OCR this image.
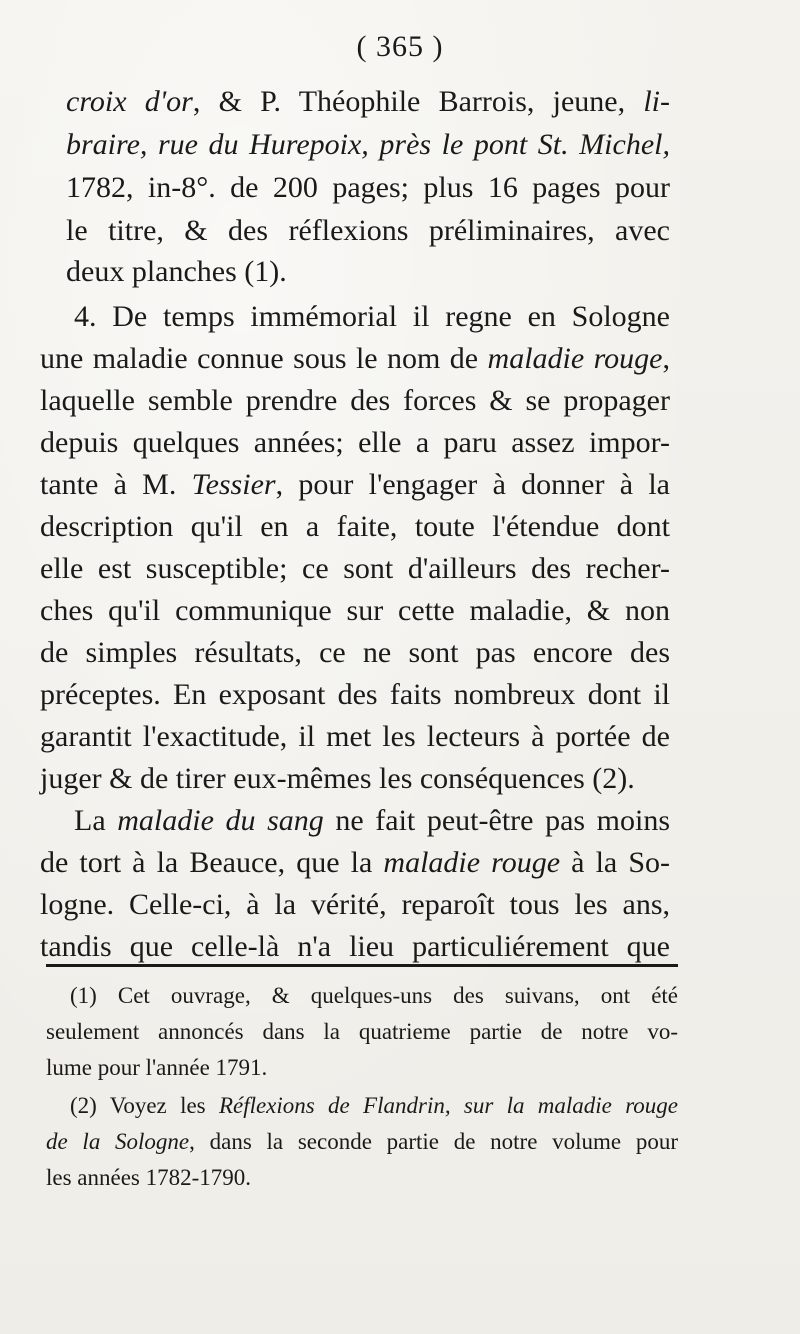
( 365 )
croix d'or, & P. Théophile Barrois, jeune, li-
braire, rue du Hurepoix, près le pont St. Michel,
1782, in-8°. de 200 pages; plus 16 pages pour
le titre, & des réflexions préliminaires, avec
deux planches (1).
4. De temps immémorial il regne en Sologne
une maladie connue sous le nom de maladie rouge,
laquelle semble prendre des forces & se propager
depuis quelques années; elle a paru assez impor-
tante à M. Tessier, pour l'engager à donner à la
description qu'il en a faite, toute l'étendue dont
elle est susceptible; ce sont d'ailleurs des recher-
ches qu'il communique sur cette maladie, & non
de simples résultats, ce ne sont pas encore des
préceptes. En exposant des faits nombreux dont il
garantit l'exactitude, il met les lecteurs à portée de
juger & de tirer eux-mêmes les conséquences (2).
La maladie du sang ne fait peut-être pas moins
de tort à la Beauce, que la maladie rouge à la So-
logne. Celle-ci, à la vérité, reparoît tous les ans,
tandis que celle-là n'a lieu particuliérement que
(1) Cet ouvrage, & quelques-uns des suivans, ont été
seulement annoncés dans la quatrieme partie de notre vo-
lume pour l'année 1791.
(2) Voyez les Réflexions de Flandrin, sur la maladie rouge
de la Sologne, dans la seconde partie de notre volume pour
les années 1782-1790.
